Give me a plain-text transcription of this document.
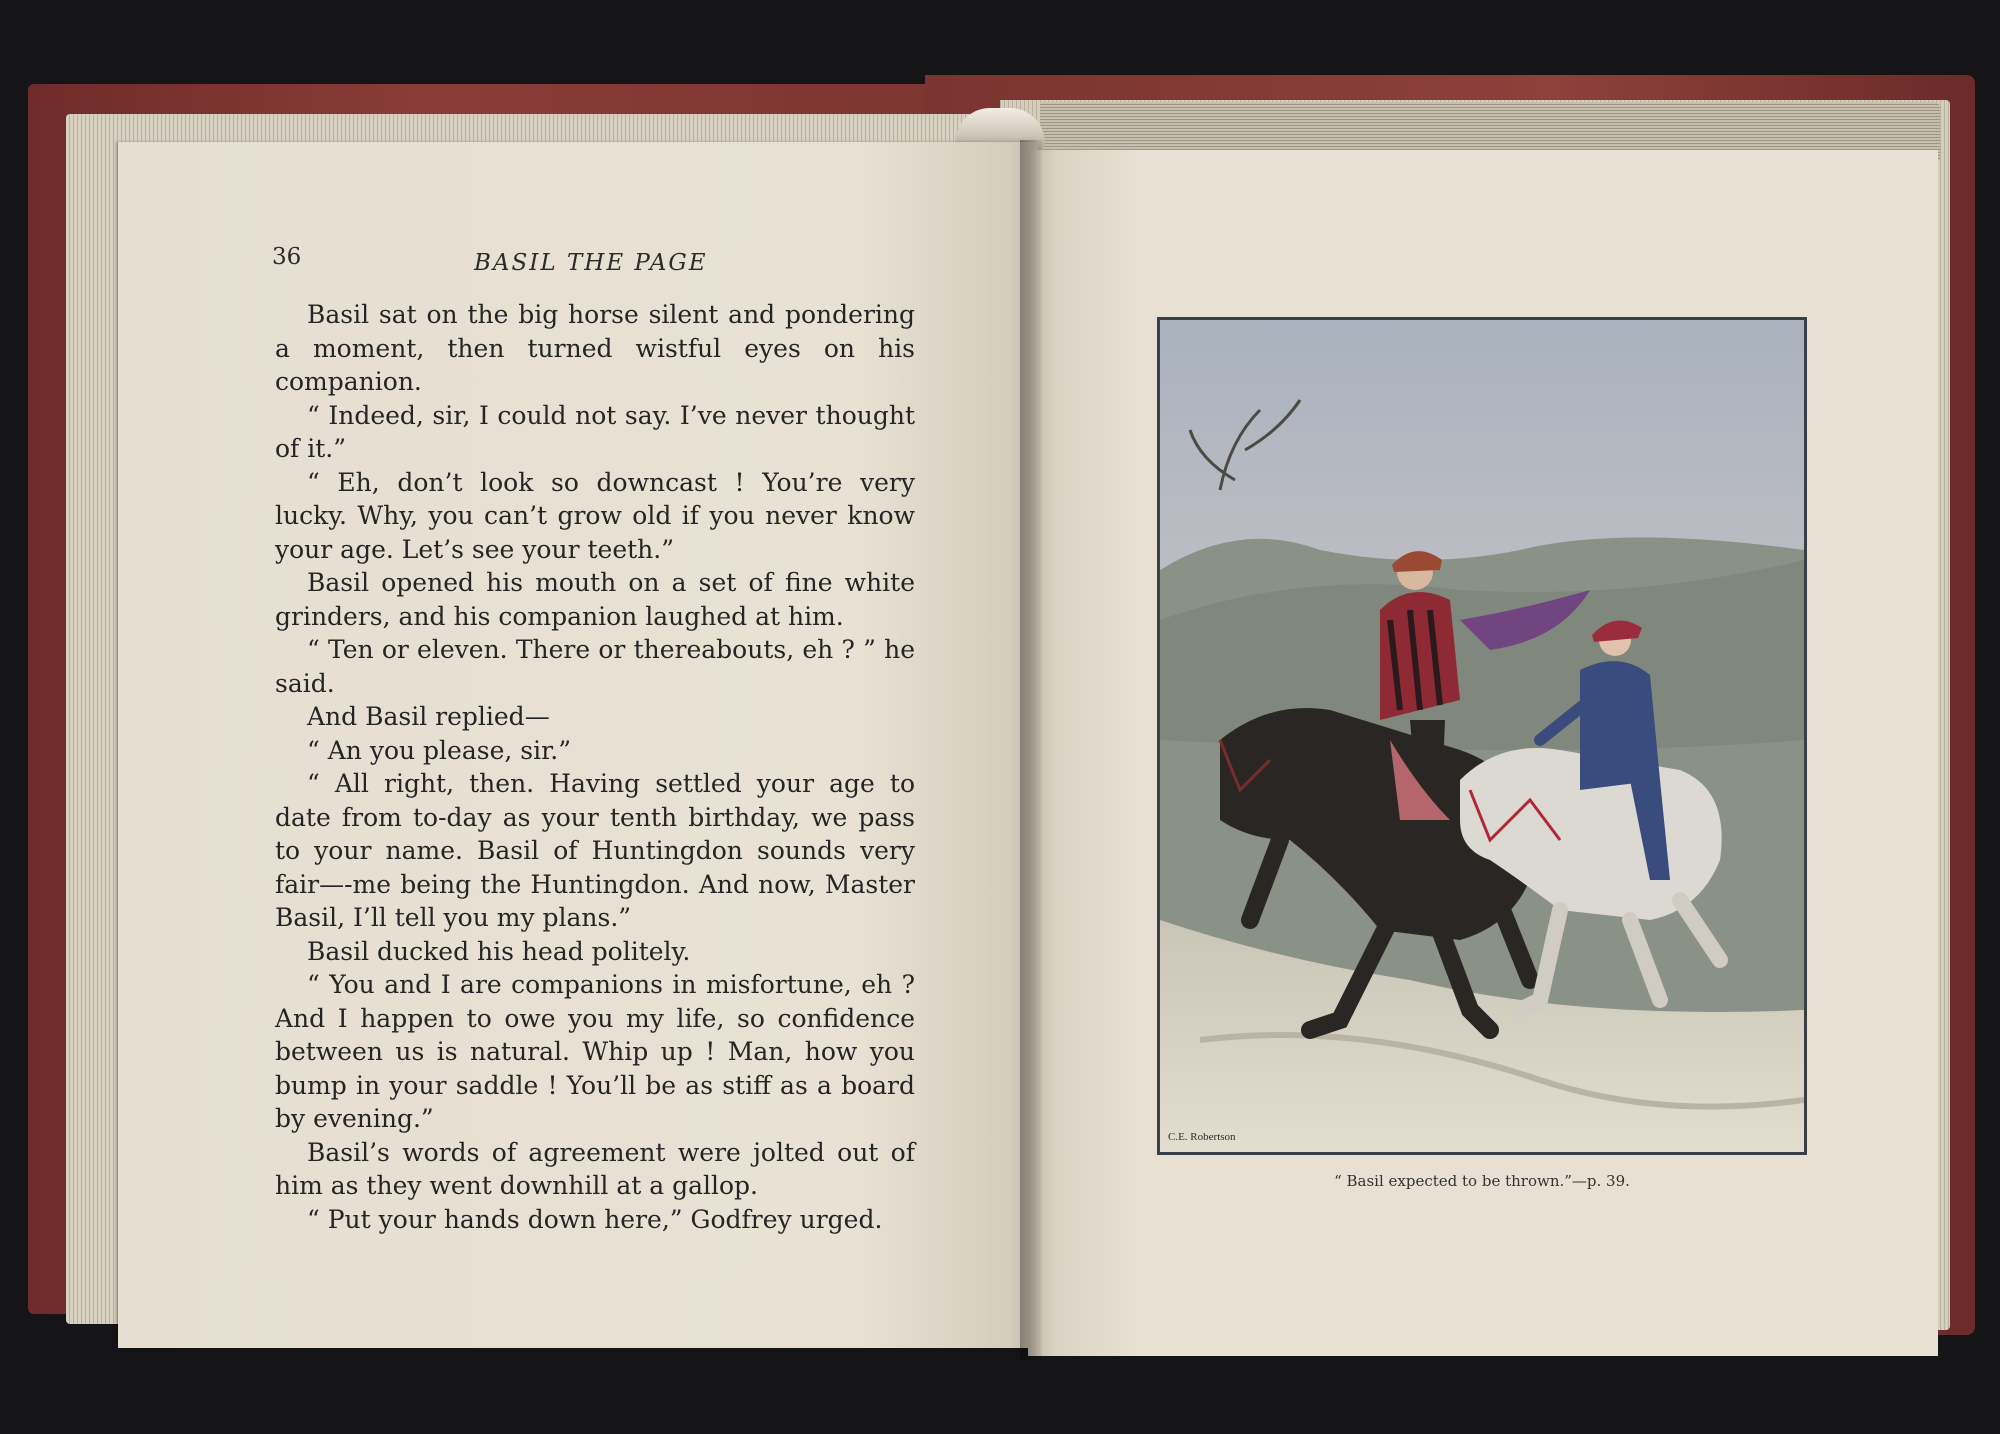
36	BASIL THE PAGE

Basil sat on the big horse silent and pondering a moment, then turned wistful eyes on his companion.

“ Indeed, sir, I could not say. I’ve never thought of it.”

“ Eh, don’t look so downcast ! You’re very lucky. Why, you can’t grow old if you never know your age. Let’s see your teeth.”

Basil opened his mouth on a set of fine white grinders, and his companion laughed at him.

“ Ten or eleven. There or thereabouts, eh ? ” he said.

And Basil replied—

“ An you please, sir.”

“ All right, then. Having settled your age to date from to-day as your tenth birthday, we pass to your name. Basil of Huntingdon sounds very fair—-me being the Huntingdon. And now, Master Basil, I’ll tell you my plans.”

Basil ducked his head politely.

“ You and I are companions in misfortune, eh ? And I happen to owe you my life, so confidence between us is natural. Whip up ! Man, how you bump in your saddle ! You’ll be as stiff as a board by evening.”

Basil’s words of agreement were jolted out of him as they went downhill at a gallop.

“ Put your hands down here,” Godfrey urged.

C.E. Robertson

“ Basil expected to be thrown.”—p. 39.
